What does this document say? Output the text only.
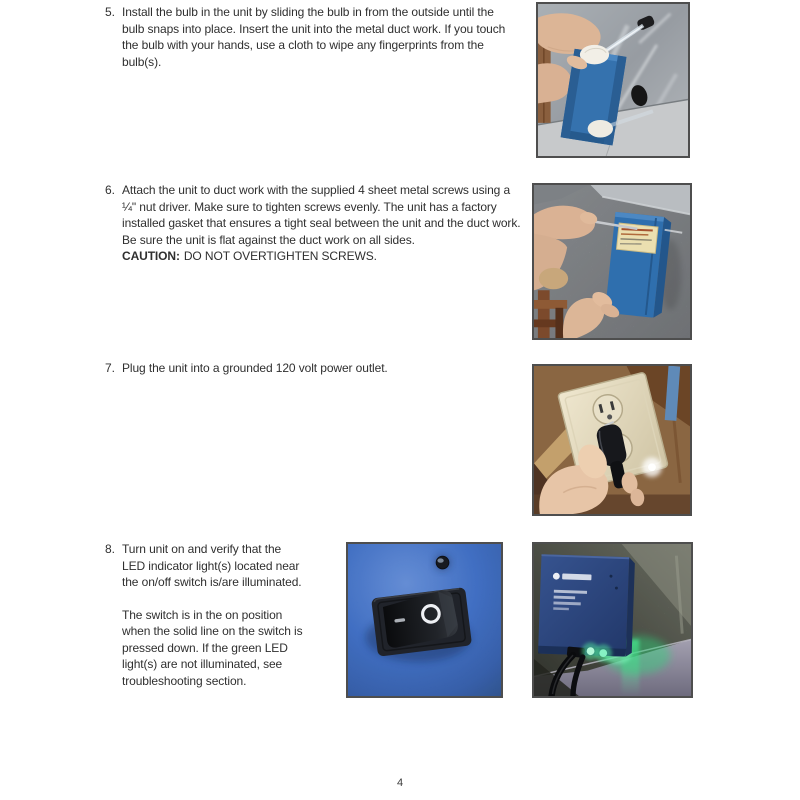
5. Install the bulb in the unit by sliding the bulb in from the outside until the bulb snaps into place. Insert the unit into the metal duct work. If you touch the bulb with your hands, use a cloth to wipe any fingerprints from the bulb(s).
6. Attach the unit to duct work with the supplied 4 sheet metal screws using a ¼" nut driver. Make sure to tighten screws evenly. The unit has a factory installed gasket that ensures a tight seal between the unit and the duct work. Be sure the unit is flat against the duct work on all sides.
CAUTION: DO NOT OVERTIGHTEN SCREWS.
7. Plug the unit into a grounded 120 volt power outlet.
8. Turn unit on and verify that the LED indicator light(s) located near the on/off switch is/are illuminated.
The switch is in the on position when the solid line on the switch is pressed down. If the green LED light(s) are not illuminated, see troubleshooting section.
4
